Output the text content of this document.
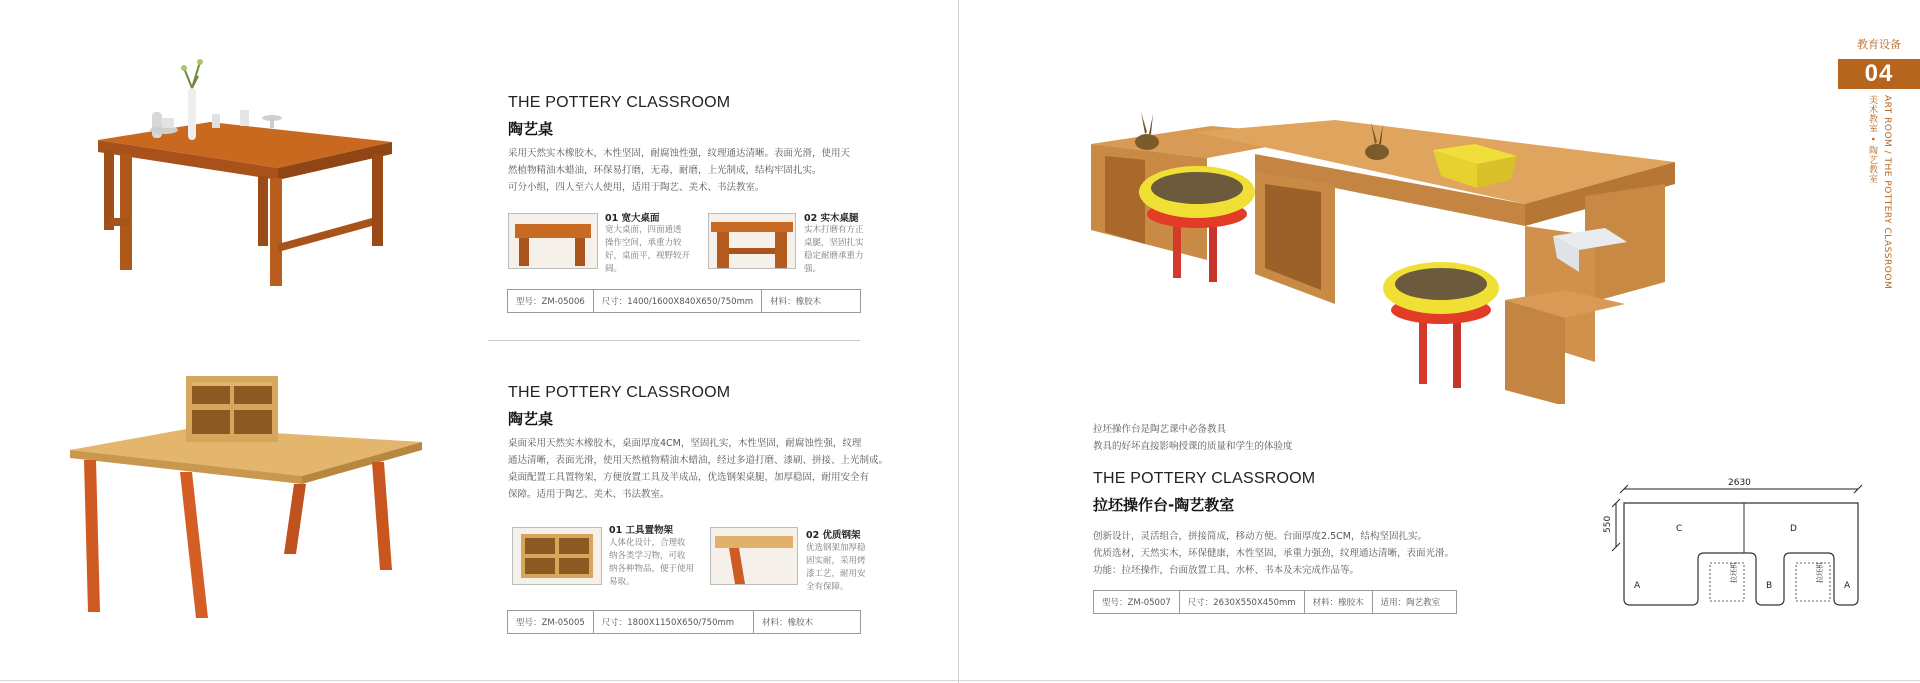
THE POTTERY CLASSROOM
陶艺桌
采用天然实木橡胶木，木性坚固，耐腐蚀性强，纹理通达清晰。表面光滑，使用天
然植物精油木蜡油，环保易打磨，无毒，耐磨，上光制成，结构牢固扎实。
可分小组，四人至六人使用，适用于陶艺、美术、书法教室。
01 宽大桌面
宽大桌面，四面通透
操作空间，承重力较
好，桌面平，视野较开
阔。
02 实木桌腿
实木打磨有方正
桌腿，坚固扎实
稳定耐磨承重力
强。
型号：ZM-05006	尺寸：1400/1600X840X650/750mm	材料：橡胶木
THE POTTERY CLASSROOM
陶艺桌
桌面采用天然实木橡胶木，桌面厚度4CM，坚固扎实，木性坚固，耐腐蚀性强，纹理
通达清晰，表面光滑，使用天然植物精油木蜡油，经过多道打磨、漆刷、拼接、上光制成。
桌面配置工具置物架，方便放置工具及半成品，优选钢架桌腿，加厚稳固，耐用安全有
保障。适用于陶艺、美术、书法教室。
01 工具置物架
人体化设计，合理收
纳各类学习物，可收
纳各种物品，便于使用
易取。
02 优质钢架
优选钢架加厚稳
固实耐，采用烤
漆工艺，耐用安
全有保障。
型号：ZM-05005	尺寸：1800X1150X650/750mm	材料：橡胶木
拉坯操作台是陶艺课中必备教具
教具的好坏直接影响授课的质量和学生的体验度
THE POTTERY CLASSROOM
拉坯操作台-陶艺教室
创新设计，灵活组合，拼接简成，移动方便。台面厚度2.5CM，结构坚固扎实。
优质选材，天然实木，环保健康，木性坚固，承重力强劲，纹理通达清晰，表面光滑。
功能：拉坯操作，台面放置工具、水杯、书本及未完成作品等。
型号：ZM-05007	尺寸：2630X550X450mm	材料：橡胶木	适用：陶艺教室
2630
550	C	D
A	B	A
拉坯机	拉坯机
教育设备
04
美术教室 • 陶艺教室 ART ROOM / THE POTTERY CLASSROOM
